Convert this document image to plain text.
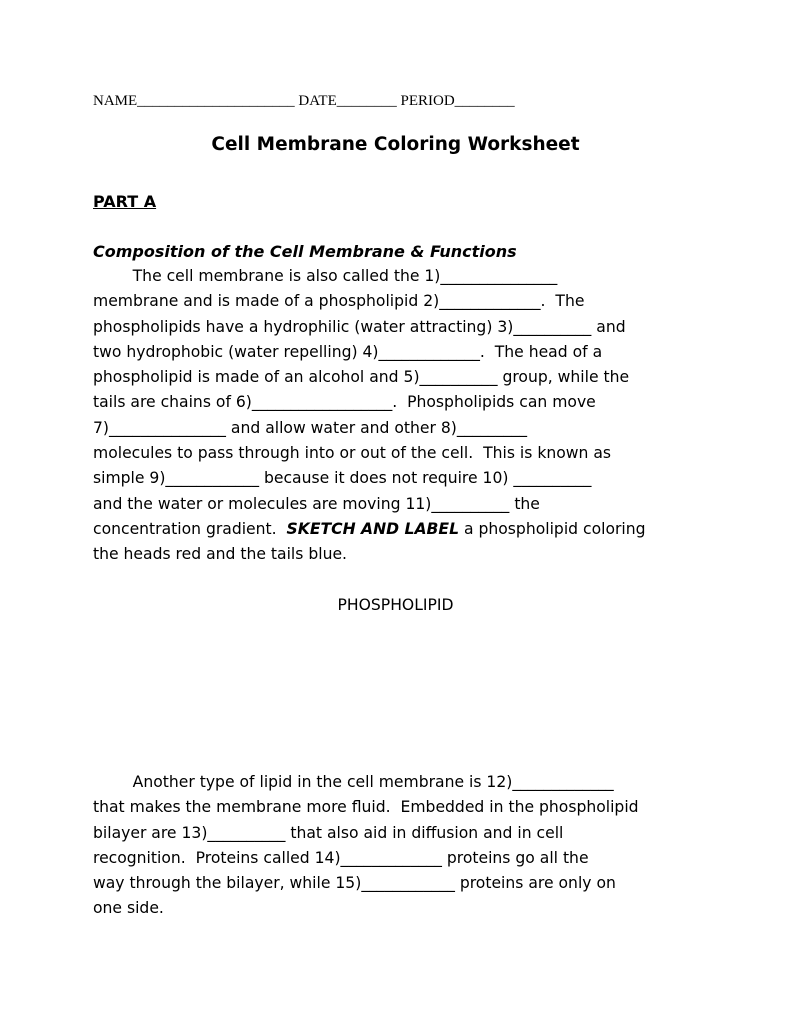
NAME_____________________ DATE________ PERIOD________
Cell Membrane Coloring Worksheet
PART A
Composition of the Cell Membrane & Functions
The cell membrane is also called the 1)_______________
membrane and is made of a phospholipid 2)_____________.  The
phospholipids have a hydrophilic (water attracting) 3)__________ and
two hydrophobic (water repelling) 4)_____________.  The head of a
phospholipid is made of an alcohol and 5)__________ group, while the
tails are chains of 6)__________________.  Phospholipids can move
7)_______________ and allow water and other 8)_________
molecules to pass through into or out of the cell.  This is known as
simple 9)____________ because it does not require 10) __________
and the water or molecules are moving 11)__________ the
concentration gradient.  SKETCH AND LABEL a phospholipid coloring
the heads red and the tails blue.
PHOSPHOLIPID
Another type of lipid in the cell membrane is 12)_____________
that makes the membrane more fluid.  Embedded in the phospholipid
bilayer are 13)__________ that also aid in diffusion and in cell
recognition.  Proteins called 14)_____________ proteins go all the
way through the bilayer, while 15)____________ proteins are only on
one side.
